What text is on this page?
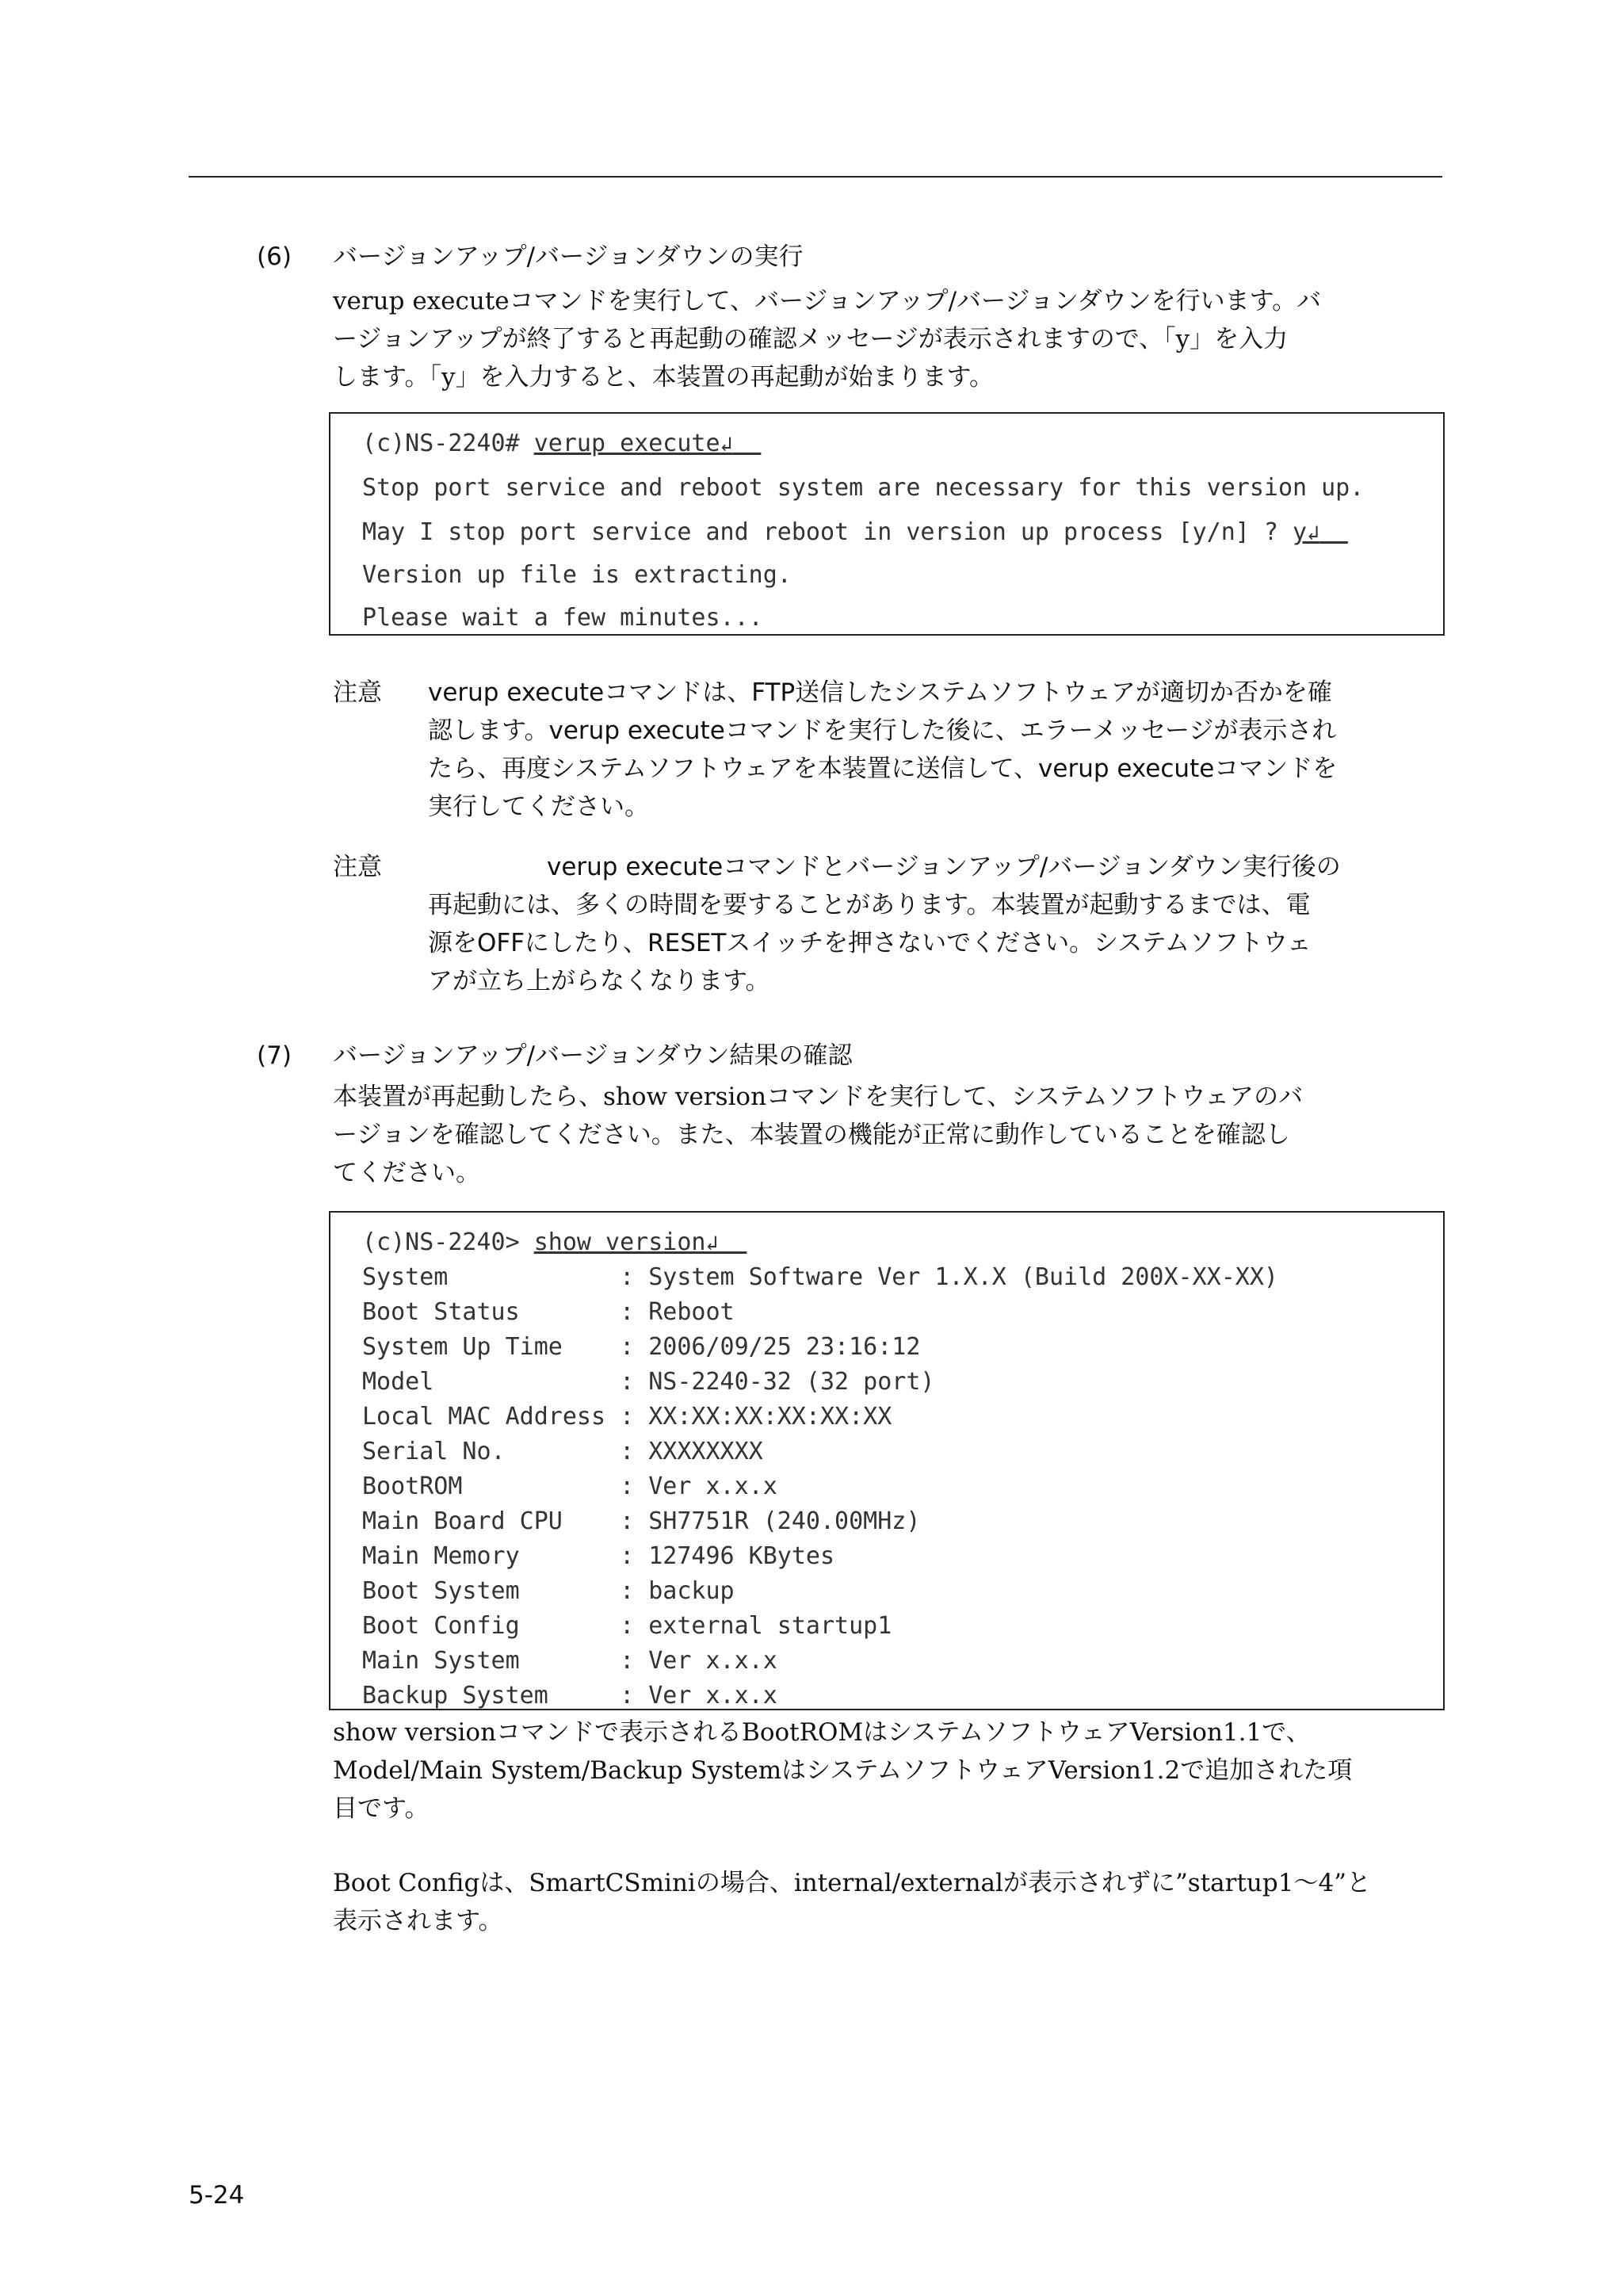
(6) バージョンアップ/バージョンダウンの実行
verup executeコマンドを実行して、バージョンアップ/バージョンダウンを行います。バ
ージョンアップが終了すると再起動の確認メッセージが表示されますので、「y」を入力
します。「y」を入力すると、本装置の再起動が始まります。
(c)NS-2240# verup execute↲
Stop port service and reboot system are necessary for this version up.
May I stop port service and reboot in version up process [y/n] ? y↲
Version up file is extracting.
Please wait a few minutes...
注意 verup executeコマンドは、FTP送信したシステムソフトウェアが適切か否かを確
認します。verup executeコマンドを実行した後に、エラーメッセージが表示され
たら、再度システムソフトウェアを本装置に送信して、verup executeコマンドを
実行してください。
注意	verup executeコマンドとバージョンアップ/バージョンダウン実行後の
再起動には、多くの時間を要することがあります。本装置が起動するまでは、電
源をOFFにしたり、RESETスイッチを押さないでください。システムソフトウェ
アが立ち上がらなくなります。
(7) バージョンアップ/バージョンダウン結果の確認
本装置が再起動したら、show versionコマンドを実行して、システムソフトウェアのバ
ージョンを確認してください。また、本装置の機能が正常に動作していることを確認し
てください。
(c)NS-2240> show version↲
System            : System Software Ver 1.X.X (Build 200X-XX-XX)
Boot Status       : Reboot
System Up Time    : 2006/09/25 23:16:12
Model             : NS-2240-32 (32 port)
Local MAC Address : XX:XX:XX:XX:XX:XX
Serial No.        : XXXXXXXX
BootROM           : Ver x.x.x
Main Board CPU    : SH7751R (240.00MHz)
Main Memory       : 127496 KBytes
Boot System       : backup
Boot Config       : external startup1
Main System       : Ver x.x.x
Backup System     : Ver x.x.x
show versionコマンドで表示されるBootROMはシステムソフトウェアVersion1.1で、
Model/Main System/Backup SystemはシステムソフトウェアVersion1.2で追加された項
目です。
Boot Configは、SmartCSminiの場合、internal/externalが表示されずに”startup1～4”と
表示されます。
5-24
